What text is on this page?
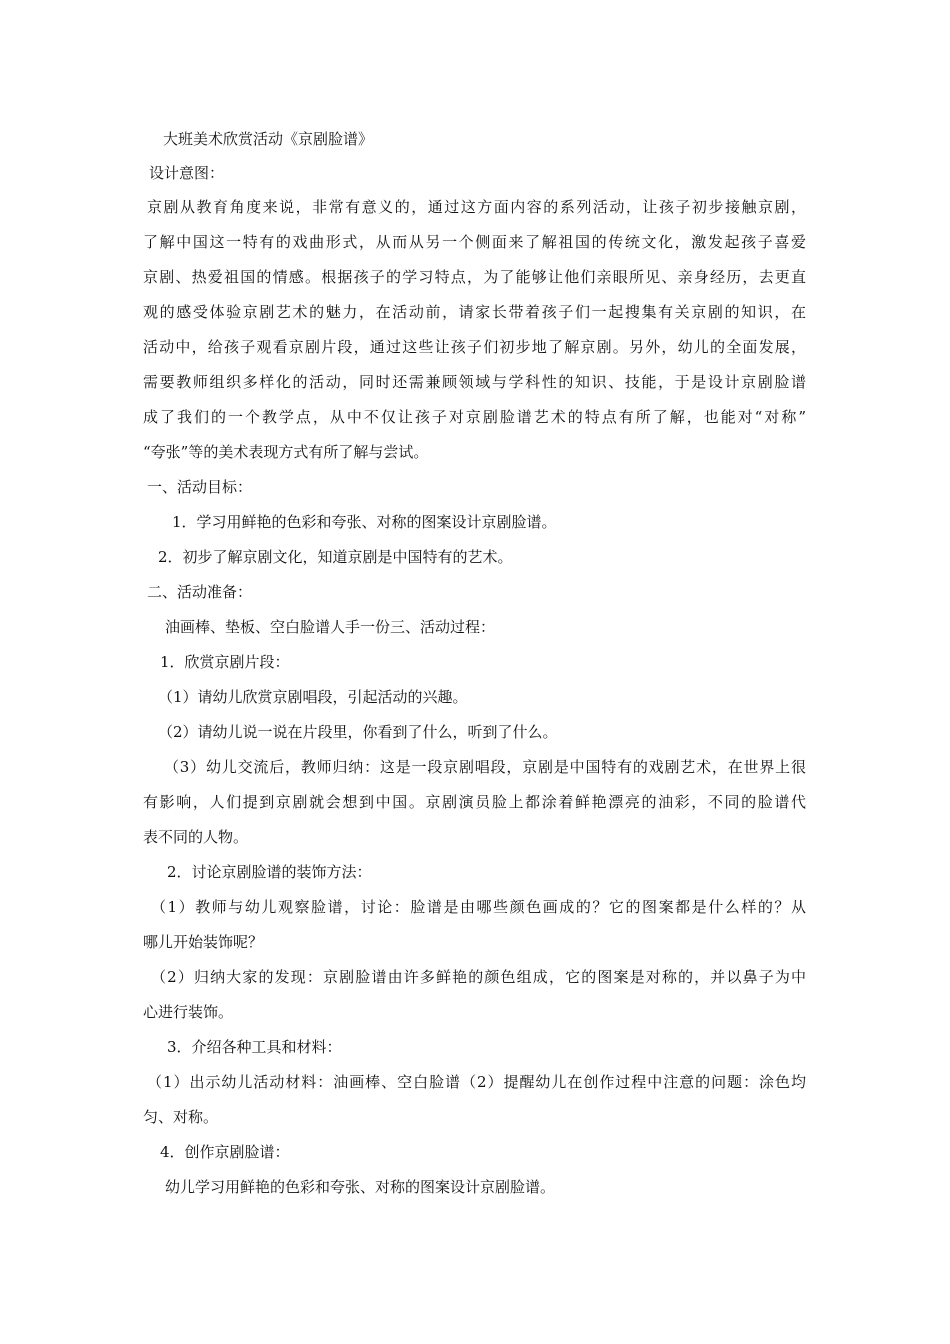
大班美术欣赏活动《京剧脸谱》
设计意图：
京剧从教育角度来说，非常有意义的，通过这方面内容的系列活动，让孩子初步接触京剧，
了解中国这一特有的戏曲形式，从而从另一个侧面来了解祖国的传统文化，激发起孩子喜爱
京剧、热爱祖国的情感。根据孩子的学习特点，为了能够让他们亲眼所见、亲身经历，去更直
观的感受体验京剧艺术的魅力，在活动前，请家长带着孩子们一起搜集有关京剧的知识，在
活动中，给孩子观看京剧片段，通过这些让孩子们初步地了解京剧。另外，幼儿的全面发展，
需要教师组织多样化的活动，同时还需兼顾领域与学科性的知识、技能，于是设计京剧脸谱
成了我们的一个教学点，从中不仅让孩子对京剧脸谱艺术的特点有所了解，也能对“对称”
“夸张”等的美术表现方式有所了解与尝试。
一、活动目标：
1．学习用鲜艳的色彩和夸张、对称的图案设计京剧脸谱。
2．初步了解京剧文化，知道京剧是中国特有的艺术。
二、活动准备：
油画棒、垫板、空白脸谱人手一份三、活动过程：
1．欣赏京剧片段：
（1）请幼儿欣赏京剧唱段，引起活动的兴趣。
（2）请幼儿说一说在片段里，你看到了什么，听到了什么。
（3）幼儿交流后，教师归纳：这是一段京剧唱段，京剧是中国特有的戏剧艺术，在世界上很
有影响，人们提到京剧就会想到中国。京剧演员脸上都涂着鲜艳漂亮的油彩，不同的脸谱代
表不同的人物。
2．讨论京剧脸谱的装饰方法：
（1）教师与幼儿观察脸谱，讨论：脸谱是由哪些颜色画成的？它的图案都是什么样的？从
哪儿开始装饰呢？
（2）归纳大家的发现：京剧脸谱由许多鲜艳的颜色组成，它的图案是对称的，并以鼻子为中
心进行装饰。
3．介绍各种工具和材料：
（1）出示幼儿活动材料：油画棒、空白脸谱（2）提醒幼儿在创作过程中注意的问题：涂色均
匀、对称。
4．创作京剧脸谱：
幼儿学习用鲜艳的色彩和夸张、对称的图案设计京剧脸谱。
